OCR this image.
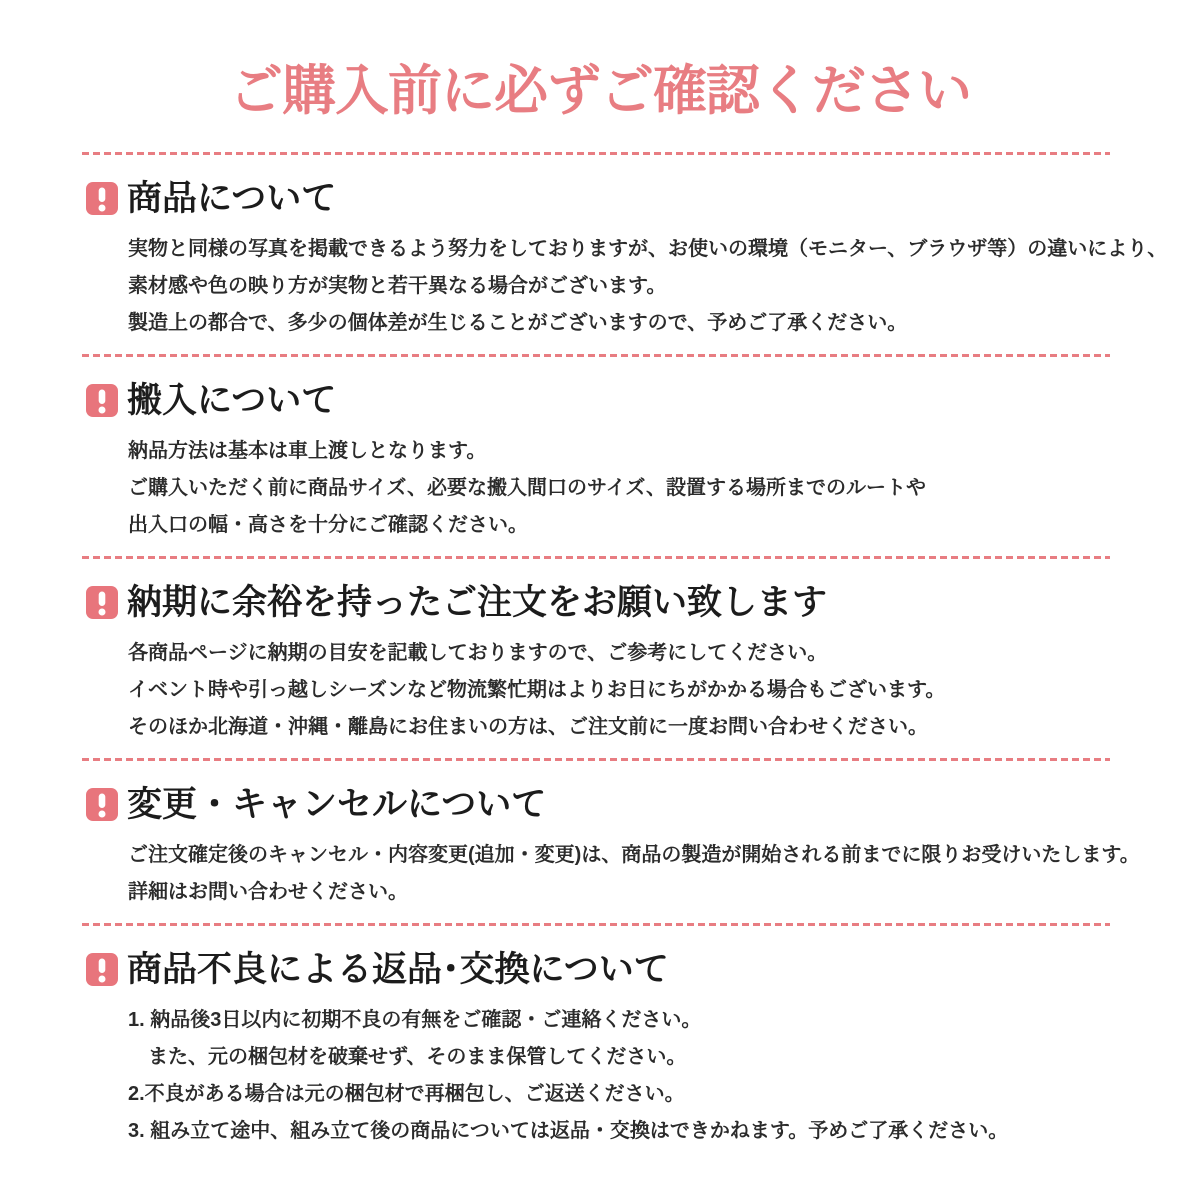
ご購入前に必ずご確認ください
商品について
実物と同様の写真を掲載できるよう努力をしておりますが、お使いの環境（モニター、ブラウザ等）の違いにより、
素材感や色の映り方が実物と若干異なる場合がございます。
製造上の都合で、多少の個体差が生じることがございますので、予めご了承ください。
搬入について
納品方法は基本は車上渡しとなります。
ご購入いただく前に商品サイズ、必要な搬入間口のサイズ、設置する場所までのルートや
出入口の幅・高さを十分にご確認ください。
納期に余裕を持ったご注文をお願い致します
各商品ページに納期の目安を記載しておりますので、ご参考にしてください。
イベント時や引っ越しシーズンなど物流繁忙期はよりお日にちがかかる場合もございます。
そのほか北海道・沖縄・離島にお住まいの方は、ご注文前に一度お問い合わせください。
変更・キャンセルについて
ご注文確定後のキャンセル・内容変更(追加・変更)は、商品の製造が開始される前までに限りお受けいたします。
詳細はお問い合わせください。
商品不良による返品･交換について
1. 納品後3日以内に初期不良の有無をご確認・ご連絡ください。
　また、元の梱包材を破棄せず、そのまま保管してください。
2.不良がある場合は元の梱包材で再梱包し、ご返送ください。
3. 組み立て途中、組み立て後の商品については返品・交換はできかねます。予めご了承ください。
